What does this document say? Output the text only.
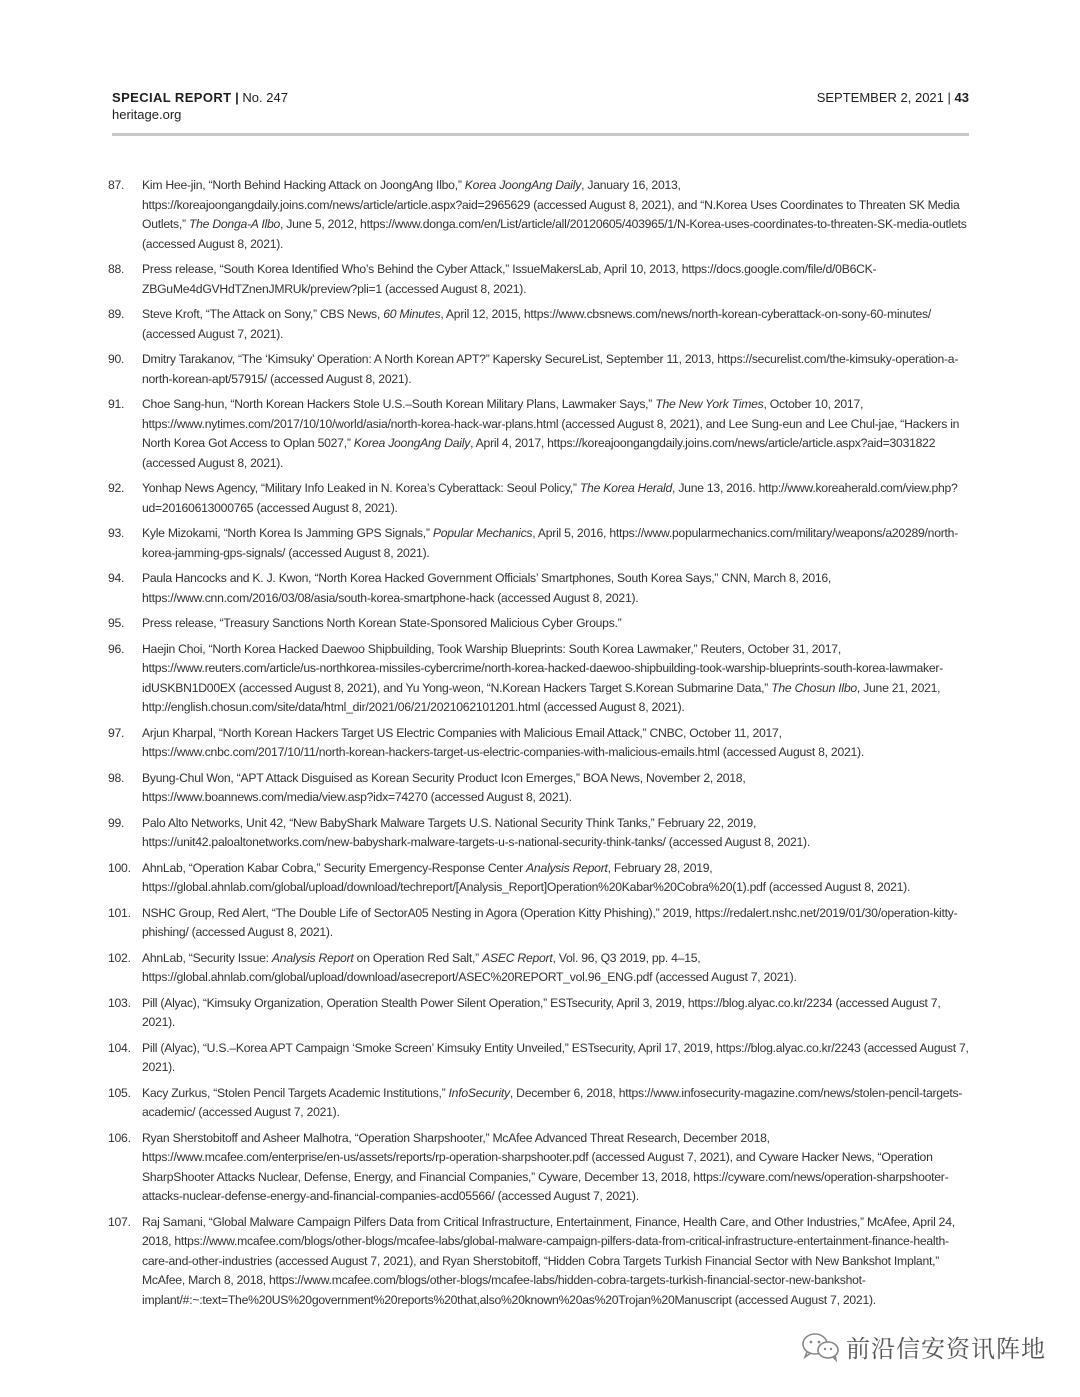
SPECIAL REPORT | No. 247
heritage.org
SEPTEMBER 2, 2021 | 43
87.	Kim Hee-jin, “North Behind Hacking Attack on JoongAng Ilbo,” Korea JoongAng Daily, January 16, 2013, https://koreajoongangdaily.joins.com/news/article/article.aspx?aid=2965629 (accessed August 8, 2021), and “N.Korea Uses Coordinates to Threaten SK Media Outlets,” The Donga-A Ilbo, June 5, 2012, https://www.donga.com/en/List/article/all/20120605/403965/1/N-Korea-uses-coordinates-to-threaten-SK-media-outlets (accessed August 8, 2021).
88.	Press release, “South Korea Identified Who’s Behind the Cyber Attack,” IssueMakersLab, April 10, 2013, https://docs.google.com/file/d/0B6CK-ZBGuMe4dGVHdTZnenJMRUk/preview?pli=1 (accessed August 8, 2021).
89.	Steve Kroft, “The Attack on Sony,” CBS News, 60 Minutes, April 12, 2015, https://www.cbsnews.com/news/north-korean-cyberattack-on-sony-60-minutes/ (accessed August 7, 2021).
90.	Dmitry Tarakanov, “The ‘Kimsuky’ Operation: A North Korean APT?” Kapersky SecureList, September 11, 2013, https://securelist.com/the-kimsuky-operation-a-north-korean-apt/57915/ (accessed August 8, 2021).
91.	Choe Sang-hun, “North Korean Hackers Stole U.S.–South Korean Military Plans, Lawmaker Says,” The New York Times, October 10, 2017, https://www.nytimes.com/2017/10/10/world/asia/north-korea-hack-war-plans.html (accessed August 8, 2021), and Lee Sung-eun and Lee Chul-jae, “Hackers in North Korea Got Access to Oplan 5027,” Korea JoongAng Daily, April 4, 2017, https://koreajoongangdaily.joins.com/news/article/article.aspx?aid=3031822 (accessed August 8, 2021).
92.	Yonhap News Agency, “Military Info Leaked in N. Korea’s Cyberattack: Seoul Policy,” The Korea Herald, June 13, 2016. http://www.koreaherald.com/view.php?ud=20160613000765 (accessed August 8, 2021).
93.	Kyle Mizokami, “North Korea Is Jamming GPS Signals,” Popular Mechanics, April 5, 2016, https://www.popularmechanics.com/military/weapons/a20289/north-korea-jamming-gps-signals/ (accessed August 8, 2021).
94.	Paula Hancocks and K. J. Kwon, “North Korea Hacked Government Officials’ Smartphones, South Korea Says,” CNN, March 8, 2016, https://www.cnn.com/2016/03/08/asia/south-korea-smartphone-hack (accessed August 8, 2021).
95.	Press release, “Treasury Sanctions North Korean State-Sponsored Malicious Cyber Groups.”
96.	Haejin Choi, “North Korea Hacked Daewoo Shipbuilding, Took Warship Blueprints: South Korea Lawmaker,” Reuters, October 31, 2017, https://www.reuters.com/article/us-northkorea-missiles-cybercrime/north-korea-hacked-daewoo-shipbuilding-took-warship-blueprints-south-korea-lawmaker-idUSKBN1D00EX (accessed August 8, 2021), and Yu Yong-weon, “N.Korean Hackers Target S.Korean Submarine Data,” The Chosun Ilbo, June 21, 2021, http://english.chosun.com/site/data/html_dir/2021/06/21/2021062101201.html (accessed August 8, 2021).
97.	Arjun Kharpal, “North Korean Hackers Target US Electric Companies with Malicious Email Attack,” CNBC, October 11, 2017, https://www.cnbc.com/2017/10/11/north-korean-hackers-target-us-electric-companies-with-malicious-emails.html (accessed August 8, 2021).
98.	Byung-Chul Won, “APT Attack Disguised as Korean Security Product Icon Emerges,” BOA News, November 2, 2018, https://www.boannews.com/media/view.asp?idx=74270 (accessed August 8, 2021).
99.	Palo Alto Networks, Unit 42, “New BabyShark Malware Targets U.S. National Security Think Tanks,” February 22, 2019, https://unit42.paloaltonetworks.com/new-babyshark-malware-targets-u-s-national-security-think-tanks/ (accessed August 8, 2021).
100. AhnLab, “Operation Kabar Cobra,” Security Emergency-Response Center Analysis Report, February 28, 2019, https://global.ahnlab.com/global/upload/download/techreport/[Analysis_Report]Operation%20Kabar%20Cobra%20(1).pdf (accessed August 8, 2021).
101. NSHC Group, Red Alert, “The Double Life of SectorA05 Nesting in Agora (Operation Kitty Phishing),” 2019, https://redalert.nshc.net/2019/01/30/operation-kitty-phishing/ (accessed August 8, 2021).
102. AhnLab, “Security Issue: Analysis Report on Operation Red Salt,” ASEC Report, Vol. 96, Q3 2019, pp. 4–15, https://global.ahnlab.com/global/upload/download/asecreport/ASEC%20REPORT_vol.96_ENG.pdf (accessed August 7, 2021).
103. Pill (Alyac), “Kimsuky Organization, Operation Stealth Power Silent Operation,” ESTsecurity, April 3, 2019, https://blog.alyac.co.kr/2234 (accessed August 7, 2021).
104. Pill (Alyac), “U.S.–Korea APT Campaign ‘Smoke Screen’ Kimsuky Entity Unveiled,” ESTsecurity, April 17, 2019, https://blog.alyac.co.kr/2243 (accessed August 7, 2021).
105. Kacy Zurkus, “Stolen Pencil Targets Academic Institutions,” InfoSecurity, December 6, 2018, https://www.infosecurity-magazine.com/news/stolen-pencil-targets-academic/ (accessed August 7, 2021).
106. Ryan Sherstobitoff and Asheer Malhotra, “Operation Sharpshooter,” McAfee Advanced Threat Research, December 2018, https://www.mcafee.com/enterprise/en-us/assets/reports/rp-operation-sharpshooter.pdf (accessed August 7, 2021), and Cyware Hacker News, “Operation SharpShooter Attacks Nuclear, Defense, Energy, and Financial Companies,” Cyware, December 13, 2018, https://cyware.com/news/operation-sharpshooter-attacks-nuclear-defense-energy-and-financial-companies-acd05566/ (accessed August 7, 2021).
107. Raj Samani, “Global Malware Campaign Pilfers Data from Critical Infrastructure, Entertainment, Finance, Health Care, and Other Industries,” McAfee, April 24, 2018, https://www.mcafee.com/blogs/other-blogs/mcafee-labs/global-malware-campaign-pilfers-data-from-critical-infrastructure-entertainment-finance-health-care-and-other-industries (accessed August 7, 2021), and Ryan Sherstobitoff, “Hidden Cobra Targets Turkish Financial Sector with New Bankshot Implant,” McAfee, March 8, 2018, https://www.mcafee.com/blogs/other-blogs/mcafee-labs/hidden-cobra-targets-turkish-financial-sector-new-bankshot-implant/#:~:text=The%20US%20government%20reports%20that,also%20known%20as%20Trojan%20Manuscript (accessed August 7, 2021).
前沿信安资讯阵地
